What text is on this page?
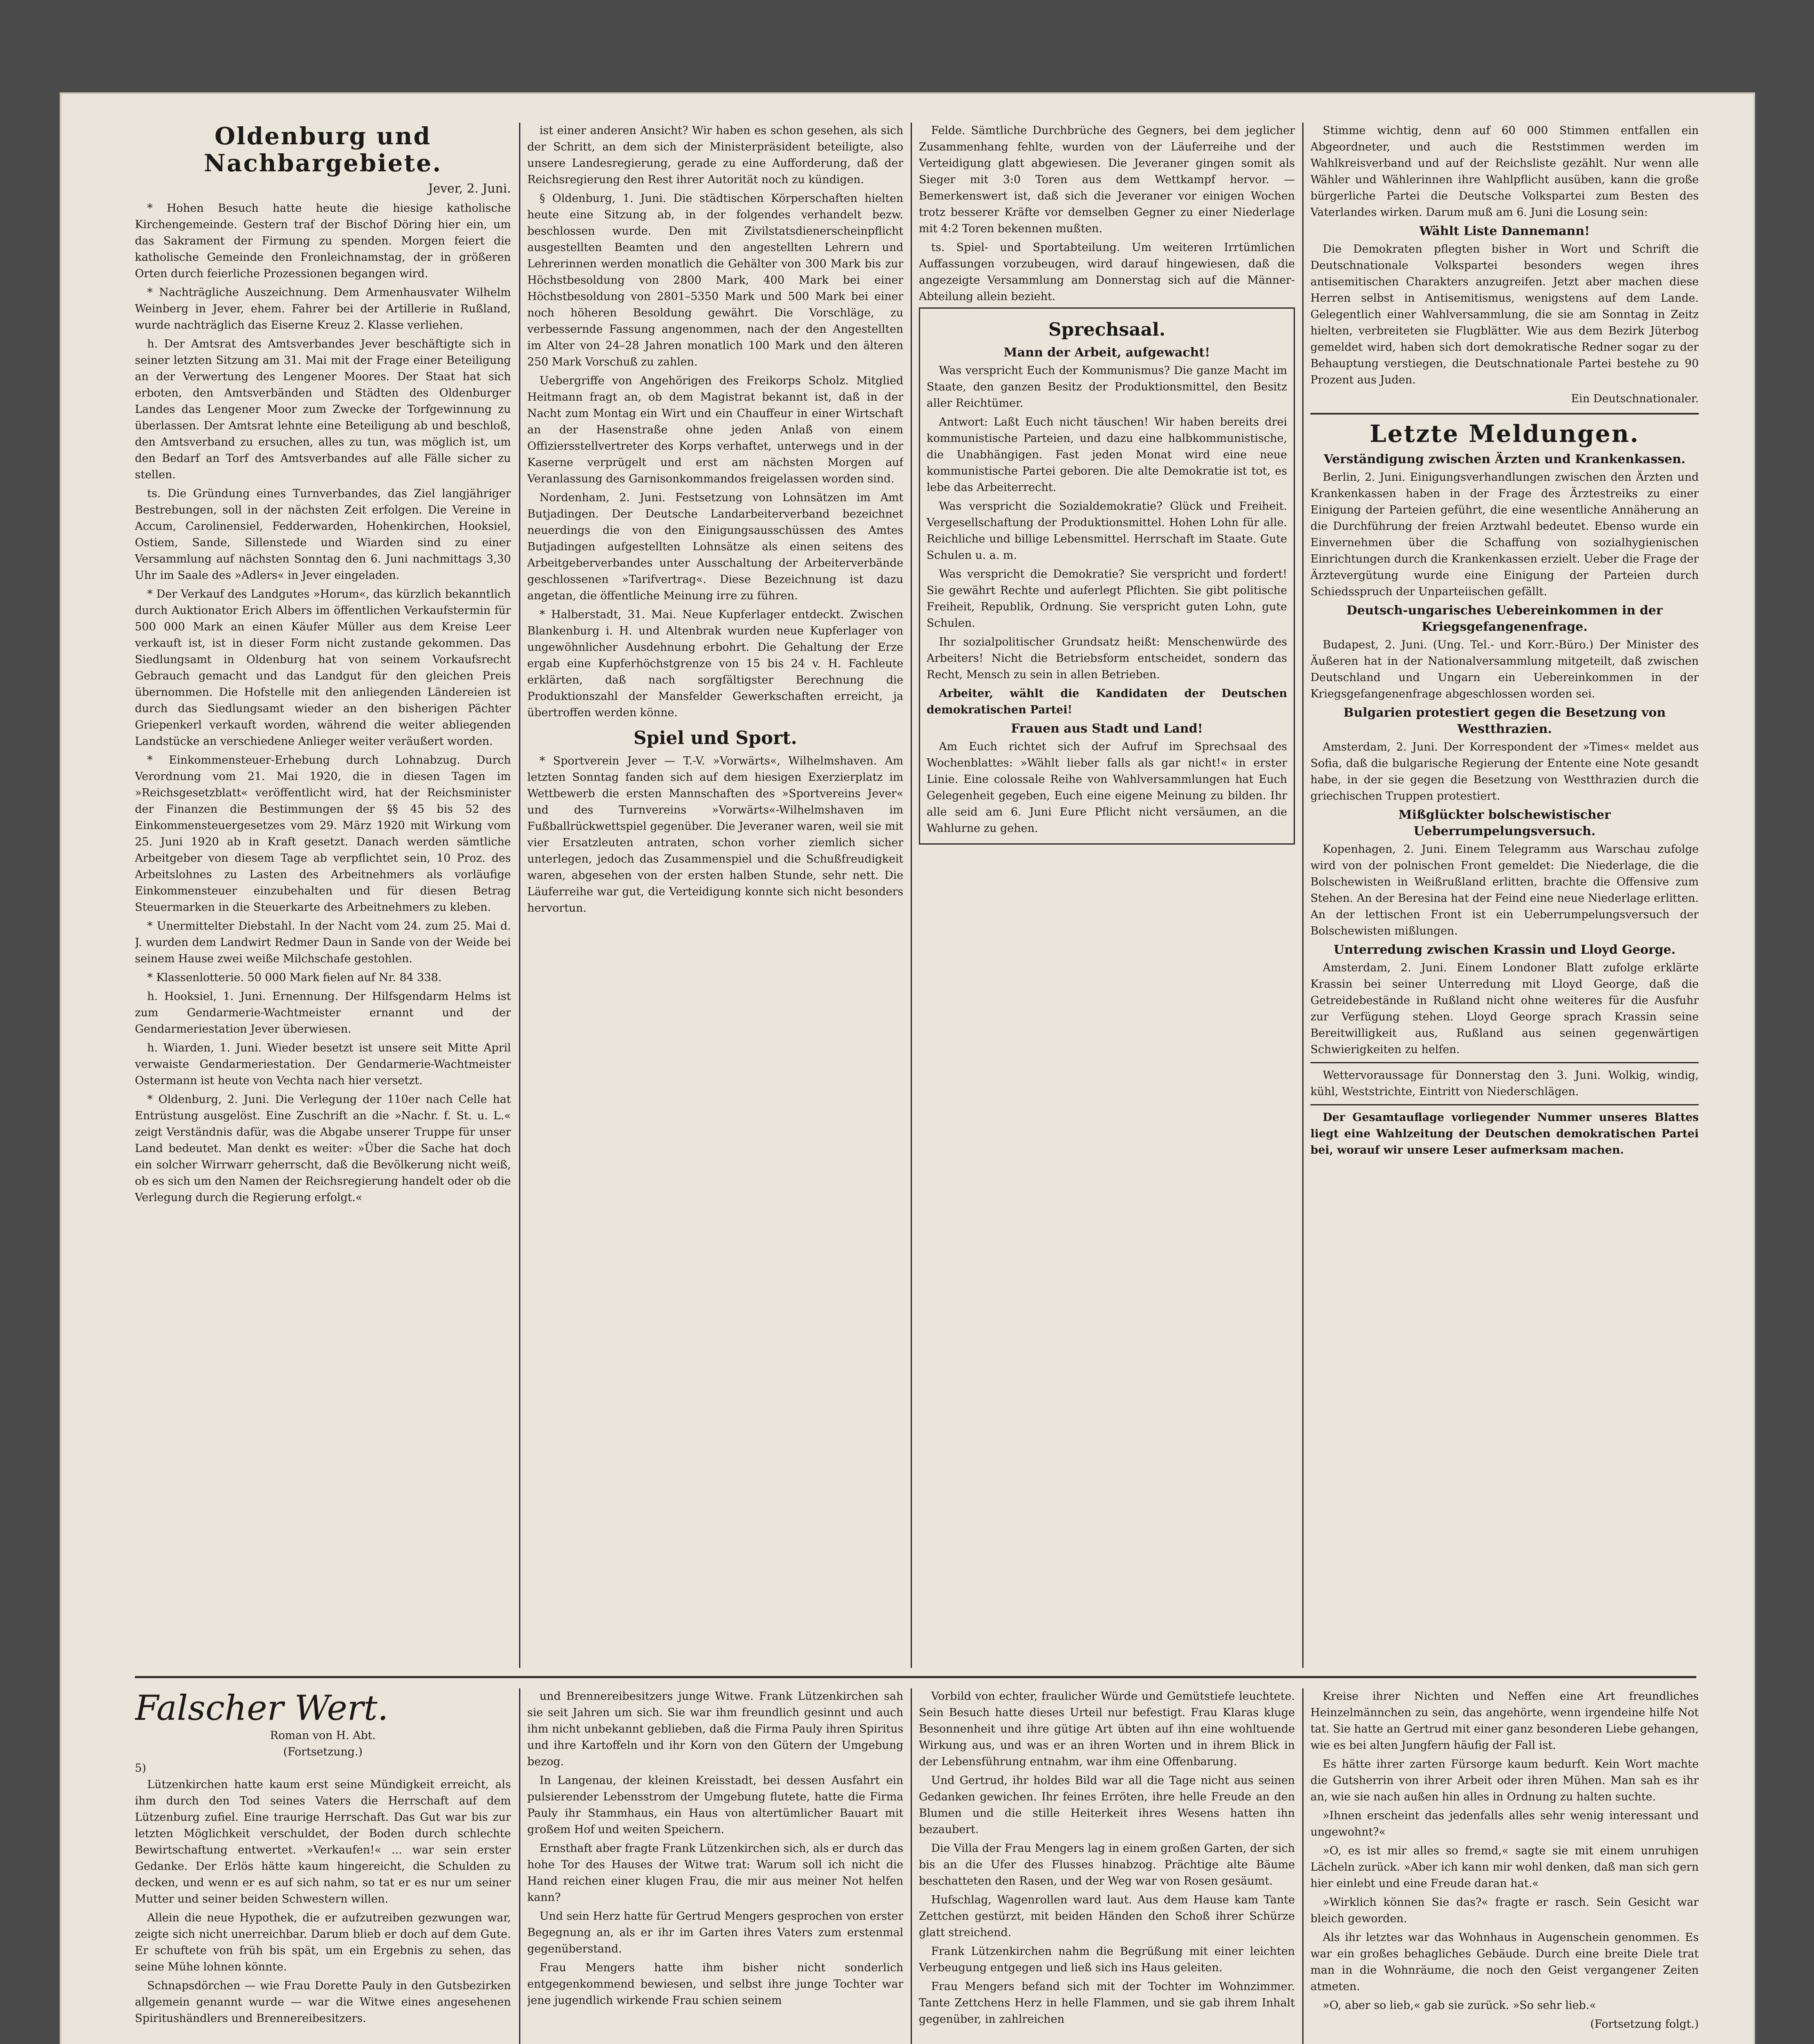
Oldenburg und Nachbargebiete.
Jever, 2. Juni.

* Hohen Besuch hatte heute die hiesige katholische Kirchengemeinde. Gestern traf der Bischof Döring hier ein, um das Sakrament der Firmung zu spenden. Morgen feiert die katholische Gemeinde den Fronleichnamstag, der in größeren Orten durch feierliche Prozessionen begangen wird.

* Nachträgliche Auszeichnung. Dem Armenhausvater Wilhelm Weinberg in Jever, ehem. Fahrer bei der Artillerie in Rußland, wurde nachträglich das Eiserne Kreuz 2. Klasse verliehen.

h. Der Amtsrat des Amtsverbandes Jever beschäftigte sich in seiner letzten Sitzung am 31. Mai mit der Frage einer Beteiligung an der Verwertung des Lengener Moores. Der Staat hat sich erboten, den Amtsverbänden und Städten des Oldenburger Landes das Lengener Moor zum Zwecke der Torfgewinnung zu überlassen. Der Amtsrat lehnte eine Beteiligung ab und beschloß, den Amtsverband zu ersuchen, alles zu tun, was möglich ist, um den Bedarf an Torf des Amtsverbandes auf alle Fälle sicher zu stellen.

ts. Die Gründung eines Turnverbandes, das Ziel langjähriger Bestrebungen, soll in der nächsten Zeit erfolgen. Die Vereine in Accum, Carolinensiel, Fedderwarden, Hohenkirchen, Hooksiel, Ostiem, Sande, Sillenstede und Wiarden sind zu einer Versammlung auf nächsten Sonntag den 6. Juni nachmittags 3,30 Uhr im Saale des »Adlers« in Jever eingeladen.

* Der Verkauf des Landgutes »Horum«, das kürzlich bekanntlich durch Auktionator Erich Albers im öffentlichen Verkaufstermin für 500 000 Mark an einen Käufer Müller aus dem Kreise Leer verkauft ist, ist in dieser Form nicht zustande gekommen. Das Siedlungsamt in Oldenburg hat von seinem Vorkaufsrecht Gebrauch gemacht und das Landgut für den gleichen Preis übernommen. Die Hofstelle mit den anliegenden Ländereien ist durch das Siedlungsamt wieder an den bisherigen Pächter Griepenkerl verkauft worden, während die weiter abliegenden Landstücke an verschiedene Anlieger weiter veräußert worden.

* Einkommensteuer-Erhebung durch Lohnabzug. Durch Verordnung vom 21. Mai 1920, die in diesen Tagen im »Reichsgesetzblatt« veröffentlicht wird, hat der Reichsminister der Finanzen die Bestimmungen der §§ 45 bis 52 des Einkommensteuergesetzes vom 29. März 1920 mit Wirkung vom 25. Juni 1920 ab in Kraft gesetzt. Danach werden sämtliche Arbeitgeber von diesem Tage ab verpflichtet sein, 10 Proz. des Arbeitslohnes zu Lasten des Arbeitnehmers als vorläufige Einkommensteuer einzubehalten und für diesen Betrag Steuermarken in die Steuerkarte des Arbeitnehmers zu kleben.

* Unermittelter Diebstahl. In der Nacht vom 24. zum 25. Mai d. J. wurden dem Landwirt Redmer Daun in Sande von der Weide bei seinem Hause zwei weiße Milchschafe gestohlen.

* Klassenlotterie. 50 000 Mark fielen auf Nr. 84 338.

h. Hooksiel, 1. Juni. Ernennung. Der Hilfsgendarm Helms ist zum Gendarmerie-Wachtmeister ernannt und der Gendarmeriestation Jever überwiesen.

h. Wiarden, 1. Juni. Wieder besetzt ist unsere seit Mitte April verwaiste Gendarmeriestation. Der Gendarmerie-Wachtmeister Ostermann ist heute von Vechta nach hier versetzt.

* Oldenburg, 2. Juni. Die Verlegung der 110er nach Celle hat Entrüstung ausgelöst. Eine Zuschrift an die »Nachr. f. St. u. L.« zeigt Verständnis dafür, was die Abgabe unserer Truppe für unser Land bedeutet. Man denkt es weiter: »Über die Sache hat doch ein solcher Wirrwarr geherrscht, daß die Bevölkerung nicht weiß, ob es sich um den Namen der Reichsregierung handelt oder ob die Verlegung durch die Regierung erfolgt.«

ist einer anderen Ansicht? Wir haben es schon gesehen, als sich der Schritt, an dem sich der Ministerpräsident beteiligte, also unsere Landesregierung, gerade zu eine Aufforderung, daß der Reichsregierung den Rest ihrer Autorität noch zu kündigen.

§ Oldenburg, 1. Juni. Die städtischen Körperschaften hielten heute eine Sitzung ab, in der folgendes verhandelt bezw. beschlossen wurde. Den mit Zivilstatsdienerscheinpflicht ausgestellten Beamten und den angestellten Lehrern und Lehrerinnen werden monatlich die Gehälter von 300 Mark bis zur Höchstbesoldung von 2800 Mark, 400 Mark bei einer Höchstbesoldung von 2801–5350 Mark und 500 Mark bei einer noch höheren Besoldung gewährt. Die Vorschläge, zu verbessernde Fassung angenommen, nach der den Angestellten im Alter von 24–28 Jahren monatlich 100 Mark und den älteren 250 Mark Vorschuß zu zahlen.

Uebergriffe von Angehörigen des Freikorps Scholz. Mitglied Heitmann fragt an, ob dem Magistrat bekannt ist, daß in der Nacht zum Montag ein Wirt und ein Chauffeur in einer Wirtschaft an der Hasenstraße ohne jeden Anlaß von einem Offiziersstellvertreter des Korps verhaftet, unterwegs und in der Kaserne verprügelt und erst am nächsten Morgen auf Veranlassung des Garnisonkommandos freigelassen worden sind.

Nordenham, 2. Juni. Festsetzung von Lohnsätzen im Amt Butjadingen. Der Deutsche Landarbeiterverband bezeichnet neuerdings die von den Einigungsausschüssen des Amtes Butjadingen aufgestellten Lohnsätze als einen seitens des Arbeitgeberverbandes unter Ausschaltung der Arbeiterverbände geschlossenen »Tarifvertrag«. Diese Bezeichnung ist dazu angetan, die öffentliche Meinung irre zu führen.

* Halberstadt, 31. Mai. Neue Kupferlager entdeckt. Zwischen Blankenburg i. H. und Altenbrak wurden neue Kupferlager von ungewöhnlicher Ausdehnung erbohrt. Die Gehaltung der Erze ergab eine Kupferhöchstgrenze von 15 bis 24 v. H. Fachleute erklärten, daß nach sorgfältigster Berechnung die Produktionszahl der Mansfelder Gewerkschaften erreicht, ja übertroffen werden könne.

Spiel und Sport.

* Sportverein Jever — T.-V. »Vorwärts«, Wilhelmshaven. Am letzten Sonntag fanden sich auf dem hiesigen Exerzierplatz im Wettbewerb die ersten Mannschaften des »Sportvereins Jever« und des Turnvereins »Vorwärts«-Wilhelmshaven im Fußballrückwettspiel gegenüber. Die Jeveraner waren, weil sie mit vier Ersatzleuten antraten, schon vorher ziemlich sicher unterlegen, jedoch das Zusammenspiel und die Schußfreudigkeit waren, abgesehen von der ersten halben Stunde, sehr nett. Die Läuferreihe war gut, die Verteidigung konnte sich nicht besonders hervortun.

Felde. Sämtliche Durchbrüche des Gegners, bei dem jeglicher Zusammenhang fehlte, wurden von der Läuferreihe und der Verteidigung glatt abgewiesen. Die Jeveraner gingen somit als Sieger mit 3:0 Toren aus dem Wettkampf hervor. — Bemerkenswert ist, daß sich die Jeveraner vor einigen Wochen trotz besserer Kräfte vor demselben Gegner zu einer Niederlage mit 4:2 Toren bekennen mußten.

ts. Spiel- und Sportabteilung. Um weiteren Irrtümlichen Auffassungen vorzubeugen, wird darauf hingewiesen, daß die angezeigte Versammlung am Donnerstag sich auf die Männer-Abteilung allein bezieht.

Sprechsaal.
Mann der Arbeit, aufgewacht!

Was verspricht Euch der Kommunismus? Die ganze Macht im Staate, den ganzen Besitz der Produktionsmittel, den Besitz aller Reichtümer.

Antwort: Laßt Euch nicht täuschen! Wir haben bereits drei kommunistische Parteien, und dazu eine halbkommunistische, die Unabhängigen. Fast jeden Monat wird eine neue kommunistische Partei geboren. Die alte Demokratie ist tot, es lebe das Arbeiterrecht.

Was verspricht die Sozialdemokratie? Glück und Freiheit. Vergesellschaftung der Produktionsmittel. Hohen Lohn für alle. Reichliche und billige Lebensmittel. Herrschaft im Staate. Gute Schulen u. a. m.

Was verspricht die Demokratie? Sie verspricht und fordert! Sie gewährt Rechte und auferlegt Pflichten. Sie gibt politische Freiheit, Republik, Ordnung. Sie verspricht guten Lohn, gute Schulen.

Ihr sozialpolitischer Grundsatz heißt: Menschenwürde des Arbeiters! Nicht die Betriebsform entscheidet, sondern das Recht, Mensch zu sein in allen Betrieben.

Arbeiter, wählt die Kandidaten der Deutschen demokratischen Partei!

Frauen aus Stadt und Land!

Am Euch richtet sich der Aufruf im Sprechsaal des Wochenblattes: »Wählt lieber falls als gar nicht!« in erster Linie. Eine colossale Reihe von Wahlversammlungen hat Euch Gelegenheit gegeben, Euch eine eigene Meinung zu bilden. Ihr alle seid am 6. Juni Eure Pflicht nicht versäumen, an die Wahlurne zu gehen.

Stimme wichtig, denn auf 60 000 Stimmen entfallen ein Abgeordneter, und auch die Reststimmen werden im Wahlkreisverband und auf der Reichsliste gezählt. Nur wenn alle Wähler und Wählerinnen ihre Wahlpflicht ausüben, kann die große bürgerliche Partei die Deutsche Volkspartei zum Besten des Vaterlandes wirken. Darum muß am 6. Juni die Losung sein:

Wählt Liste Dannemann!

Die Demokraten pflegten bisher in Wort und Schrift die Deutschnationale Volkspartei besonders wegen ihres antisemitischen Charakters anzugreifen. Jetzt aber machen diese Herren selbst in Antisemitismus, wenigstens auf dem Lande. Gelegentlich einer Wahlversammlung, die sie am Sonntag in Zeitz hielten, verbreiteten sie Flugblätter. Wie aus dem Bezirk Jüterbog gemeldet wird, haben sich dort demokratische Redner sogar zu der Behauptung verstiegen, die Deutschnationale Partei bestehe zu 90 Prozent aus Juden.

Ein Deutschnationaler.
Letzte Meldungen.
Verständigung zwischen Ärzten und Krankenkassen.

Berlin, 2. Juni. Einigungsverhandlungen zwischen den Ärzten und Krankenkassen haben in der Frage des Ärztestreiks zu einer Einigung der Parteien geführt, die eine wesentliche Annäherung an die Durchführung der freien Arztwahl bedeutet. Ebenso wurde ein Einvernehmen über die Schaffung von sozialhygienischen Einrichtungen durch die Krankenkassen erzielt. Ueber die Frage der Ärztevergütung wurde eine Einigung der Parteien durch Schiedsspruch der Unparteiischen gefällt.

Deutsch-ungarisches Uebereinkommen in der Kriegsgefangenenfrage.

Budapest, 2. Juni. (Ung. Tel.- und Korr.-Büro.) Der Minister des Äußeren hat in der Nationalversammlung mitgeteilt, daß zwischen Deutschland und Ungarn ein Uebereinkommen in der Kriegsgefangenenfrage abgeschlossen worden sei.

Bulgarien protestiert gegen die Besetzung von Westthrazien.

Amsterdam, 2. Juni. Der Korrespondent der »Times« meldet aus Sofia, daß die bulgarische Regierung der Entente eine Note gesandt habe, in der sie gegen die Besetzung von Westthrazien durch die griechischen Truppen protestiert.

Mißglückter bolschewistischer Ueberrumpelungsversuch.

Kopenhagen, 2. Juni. Einem Telegramm aus Warschau zufolge wird von der polnischen Front gemeldet: Die Niederlage, die die Bolschewisten in Weißrußland erlitten, brachte die Offensive zum Stehen. An der Beresina hat der Feind eine neue Niederlage erlitten. An der lettischen Front ist ein Ueberrumpelungsversuch der Bolschewisten mißlungen.

Unterredung zwischen Krassin und Lloyd George.

Amsterdam, 2. Juni. Einem Londoner Blatt zufolge erklärte Krassin bei seiner Unterredung mit Lloyd George, daß die Getreidebestände in Rußland nicht ohne weiteres für die Ausfuhr zur Verfügung stehen. Lloyd George sprach Krassin seine Bereitwilligkeit aus, Rußland aus seinen gegenwärtigen Schwierigkeiten zu helfen.

Wettervoraussage für Donnerstag den 3. Juni. Wolkig, windig, kühl, Weststrichte, Eintritt von Niederschlägen.

Der Gesamtauflage vorliegender Nummer unseres Blattes liegt eine Wahlzeitung der Deutschen demokratischen Partei bei, worauf wir unsere Leser aufmerksam machen.

Falscher Wert.
Roman von H. Abt.
(Fortsetzung.)
5)

Lützenkirchen hatte kaum erst seine Mündigkeit erreicht, als ihm durch den Tod seines Vaters die Herrschaft auf dem Lützenburg zufiel. Eine traurige Herrschaft. Das Gut war bis zur letzten Möglichkeit verschuldet, der Boden durch schlechte Bewirtschaftung entwertet. »Verkaufen!« ... war sein erster Gedanke. Der Erlös hätte kaum hingereicht, die Schulden zu decken, und wenn er es auf sich nahm, so tat er es nur um seiner Mutter und seiner beiden Schwestern willen.

Allein die neue Hypothek, die er aufzutreiben gezwungen war, zeigte sich nicht unerreichbar. Darum blieb er doch auf dem Gute. Er schuftete von früh bis spät, um ein Ergebnis zu sehen, das seine Mühe lohnen könnte.

Schnapsdörchen — wie Frau Dorette Pauly in den Gutsbezirken allgemein genannt wurde — war die Witwe eines angesehenen Spiritushändlers und Brennereibesitzers.

und Brennereibesitzers junge Witwe. Frank Lützenkirchen sah sie seit Jahren um sich. Sie war ihm freundlich gesinnt und auch ihm nicht unbekannt geblieben, daß die Firma Pauly ihren Spiritus und ihre Kartoffeln und ihr Korn von den Gütern der Umgebung bezog.

In Langenau, der kleinen Kreisstadt, bei dessen Ausfahrt ein pulsierender Lebensstrom der Umgebung flutete, hatte die Firma Pauly ihr Stammhaus, ein Haus von altertümlicher Bauart mit großem Hof und weiten Speichern.

Ernsthaft aber fragte Frank Lützenkirchen sich, als er durch das hohe Tor des Hauses der Witwe trat: Warum soll ich nicht die Hand reichen einer klugen Frau, die mir aus meiner Not helfen kann?

Und sein Herz hatte für Gertrud Mengers gesprochen von erster Begegnung an, als er ihr im Garten ihres Vaters zum erstenmal gegenüberstand.

Frau Mengers hatte ihm bisher nicht sonderlich entgegenkommend bewiesen, und selbst ihre junge Tochter war jene jugendlich wirkende Frau schien seinem

Vorbild von echter, fraulicher Würde und Gemütstiefe leuchtete. Sein Besuch hatte dieses Urteil nur befestigt. Frau Klaras kluge Besonnenheit und ihre gütige Art übten auf ihn eine wohltuende Wirkung aus, und was er an ihren Worten und in ihrem Blick in der Lebensführung entnahm, war ihm eine Offenbarung.

Und Gertrud, ihr holdes Bild war all die Tage nicht aus seinen Gedanken gewichen. Ihr feines Erröten, ihre helle Freude an den Blumen und die stille Heiterkeit ihres Wesens hatten ihn bezaubert.

Die Villa der Frau Mengers lag in einem großen Garten, der sich bis an die Ufer des Flusses hinabzog. Prächtige alte Bäume beschatteten den Rasen, und der Weg war von Rosen gesäumt.

Hufschlag, Wagenrollen ward laut. Aus dem Hause kam Tante Zettchen gestürzt, mit beiden Händen den Schoß ihrer Schürze glatt streichend.

Frank Lützenkirchen nahm die Begrüßung mit einer leichten Verbeugung entgegen und ließ sich ins Haus geleiten.

Frau Mengers befand sich mit der Tochter im Wohnzimmer. Tante Zettchens Herz in helle Flammen, und sie gab ihrem Inhalt gegenüber, in zahlreichen

Kreise ihrer Nichten und Neffen eine Art freundliches Heinzelmännchen zu sein, das angehörte, wenn irgendeine hilfe Not tat. Sie hatte an Gertrud mit einer ganz besonderen Liebe gehangen, wie es bei alten Jungfern häufig der Fall ist.

Es hätte ihrer zarten Fürsorge kaum bedurft. Kein Wort machte die Gutsherrin von ihrer Arbeit oder ihren Mühen. Man sah es ihr an, wie sie nach außen hin alles in Ordnung zu halten suchte.

»Ihnen erscheint das jedenfalls alles sehr wenig interessant und ungewohnt?«

»O, es ist mir alles so fremd,« sagte sie mit einem unruhigen Lächeln zurück. »Aber ich kann mir wohl denken, daß man sich gern hier einlebt und eine Freude daran hat.«

»Wirklich können Sie das?« fragte er rasch. Sein Gesicht war bleich geworden.

Als ihr letztes war das Wohnhaus in Augenschein genommen. Es war ein großes behagliches Gebäude. Durch eine breite Diele trat man in die Wohnräume, die noch den Geist vergangener Zeiten atmeten.

»O, aber so lieb,« gab sie zurück. »So sehr lieb.«

(Fortsetzung folgt.)
